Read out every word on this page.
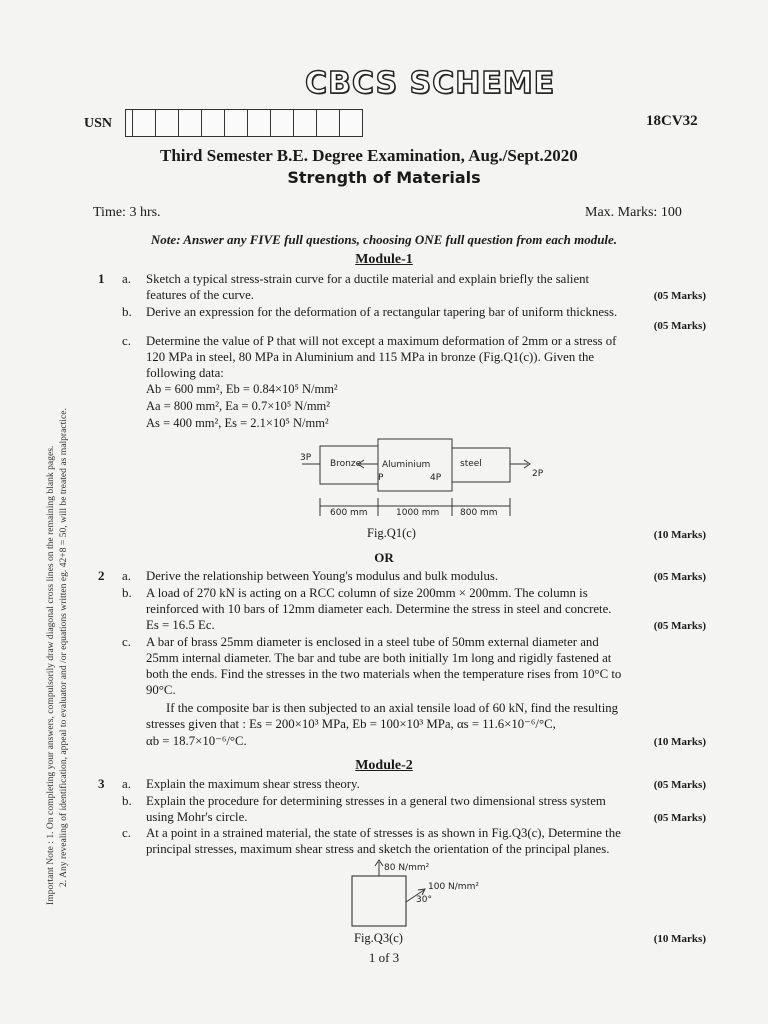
Important Note : 1. On completing your answers, compulsorily draw diagonal cross lines on the remaining blank pages. 2. Any revealing of identification, appeal to evaluator and /or equations written eg. 42+8 = 50, will be treated as malpractice.
CBCS SCHEME
USN	18CV32
Third Semester B.E. Degree Examination, Aug./Sept.2020
Strength of Materials
Time: 3 hrs.	Max. Marks: 100
Note: Answer any FIVE full questions, choosing ONE full question from each module.
Module-1
1 a. Sketch a typical stress-strain curve for a ductile material and explain briefly the salient
features of the curve.	(05 Marks)
b. Derive an expression for the deformation of a rectangular tapering bar of uniform thickness.
(05 Marks)
c. Determine the value of P that will not except a maximum deformation of 2mm or a stress of
120 MPa in steel, 80 MPa in Aluminium and 115 MPa in bronze (Fig.Q1(c)). Given the
following data:
Ab = 600 mm², Eb = 0.84×10⁵ N/mm²
Aa = 800 mm², Ea = 0.7×10⁵ N/mm²
As = 400 mm², Es = 2.1×10⁵ N/mm²
3P
Bronze Aluminium
P	4P
steel
2P
600 mm	1000 mm 800 mm
Fig.Q1(c)	(10 Marks)
OR
2 a. Derive the relationship between Young's modulus and bulk modulus.	(05 Marks)
b. A load of 270 kN is acting on a RCC column of size 200mm × 200mm. The column is
reinforced with 10 bars of 12mm diameter each. Determine the stress in steel and concrete.
Es = 16.5 Ec.	(05 Marks)
c. A bar of brass 25mm diameter is enclosed in a steel tube of 50mm external diameter and
25mm internal diameter. The bar and tube are both initially 1m long and rigidly fastened at
both the ends. Find the stresses in the two materials when the temperature rises from 10°C to
90°C.
If the composite bar is then subjected to an axial tensile load of 60 kN, find the resulting
stresses given that : Es = 200×10³ MPa, Eb = 100×10³ MPa, αs = 11.6×10⁻⁶/°C,
αb = 18.7×10⁻⁶/°C.	(10 Marks)
Module-2
3 a. Explain the maximum shear stress theory.	(05 Marks)
b. Explain the procedure for determining stresses in a general two dimensional stress system
using Mohr's circle.	(05 Marks)
c. At a point in a strained material, the state of stresses is as shown in Fig.Q3(c), Determine the
principal stresses, maximum shear stress and sketch the orientation of the principal planes.
80 N/mm²
100 N/mm²
30°
Fig.Q3(c)	(10 Marks)
1 of 3
